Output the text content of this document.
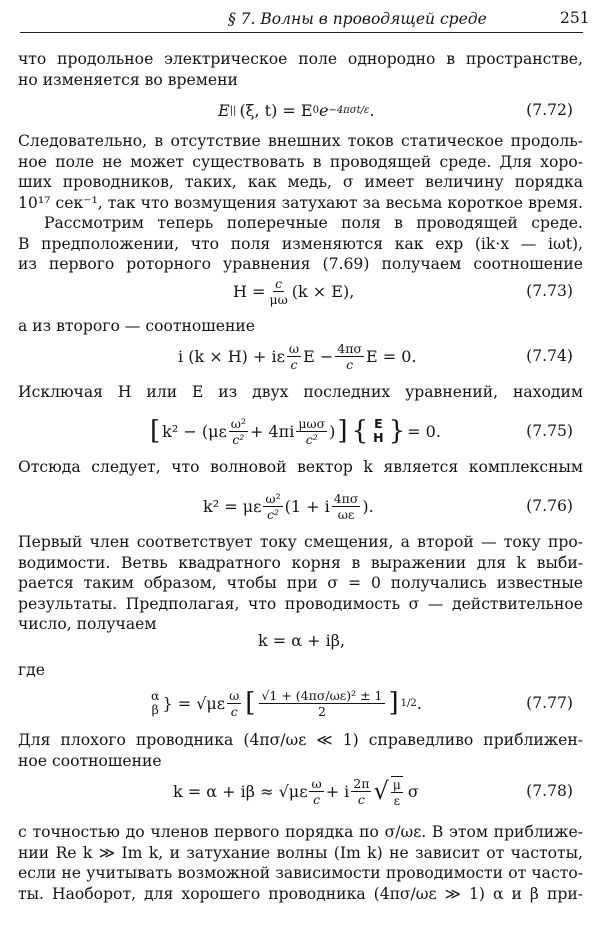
§ 7. Волны в проводящей среде	251
что продольное электрическое поле однородно в пространстве,
но изменяется во времени
E || (ξ, t) = E 0 e −4πσt/ε .	(7.72)
Следовательно, в отсутствие внешних токов статическое продоль-
ное поле не может существовать в проводящей среде. Для хоро-
ших проводников, таких, как медь, σ имеет величину порядка
10¹⁷ сек⁻¹, так что возмущения затухают за весьма короткое время.
Рассмотрим теперь поперечные поля в проводящей среде.
В предположении, что поля изменяются как exp (ik·x — iωt),
из первого роторного уравнения (7.69) получаем соотношение
$H = \frac{c}{\mu\omega} (k \times E)$,	(7.73)
а из второго — соотношение
i (k × H) + iε $\frac{\omega}{c}$ $E - \frac{4\pi\sigma}{c}$ E = 0.	(7.74)
Исключая H или E из двух последних уравнений, находим
[ $k^2 - (\mu\varepsilon \frac{\text{ω²}}{\text{c²}} + 4\pi i \frac{\text{μωσ}}{\text{c²}}$ ) ] { E
H } = 0.	(7.75)
Отсюда следует, что волновой вектор k является комплексным
k² = με $\frac{\text{ω²}}{\text{c²}} (1 + i \frac{4\pi\sigma}{\omega\varepsilon}$ ).	(7.76)
Первый член соответствует току смещения, а второй — току про-
водимости. Ветвь квадратного корня в выражении для k выби-
рается таким образом, чтобы при σ = 0 получались известные
результаты. Предполагая, что проводимость σ — действительное
число, получаем
k = α + iβ,
где
α
β } = $√\mu\varepsilon \frac{\omega}{c}$ [ $\frac{\text{√1 + (4πσ/ωε)² ± 1}}{2}$ ] 1/2 .	(7.77)
Для плохого проводника (4πσ/ωε ≪ 1) справедливо приближен-
ное соотношение
$k = \alpha + i\beta \approx √\mu\varepsilon \frac{\omega}{c} + i \frac{2\pi}{c}$ √ $\frac{\mu}{\varepsilon}$ σ	(7.78)
с точностью до членов первого порядка по σ/ωε. В этом приближе-
нии Re k ≫ Im k, и затухание волны (Im k) не зависит от частоты,
если не учитывать возможной зависимости проводимости от часто-
ты. Наоборот, для хорошего проводника (4πσ/ωε ≫ 1) α и β при-
